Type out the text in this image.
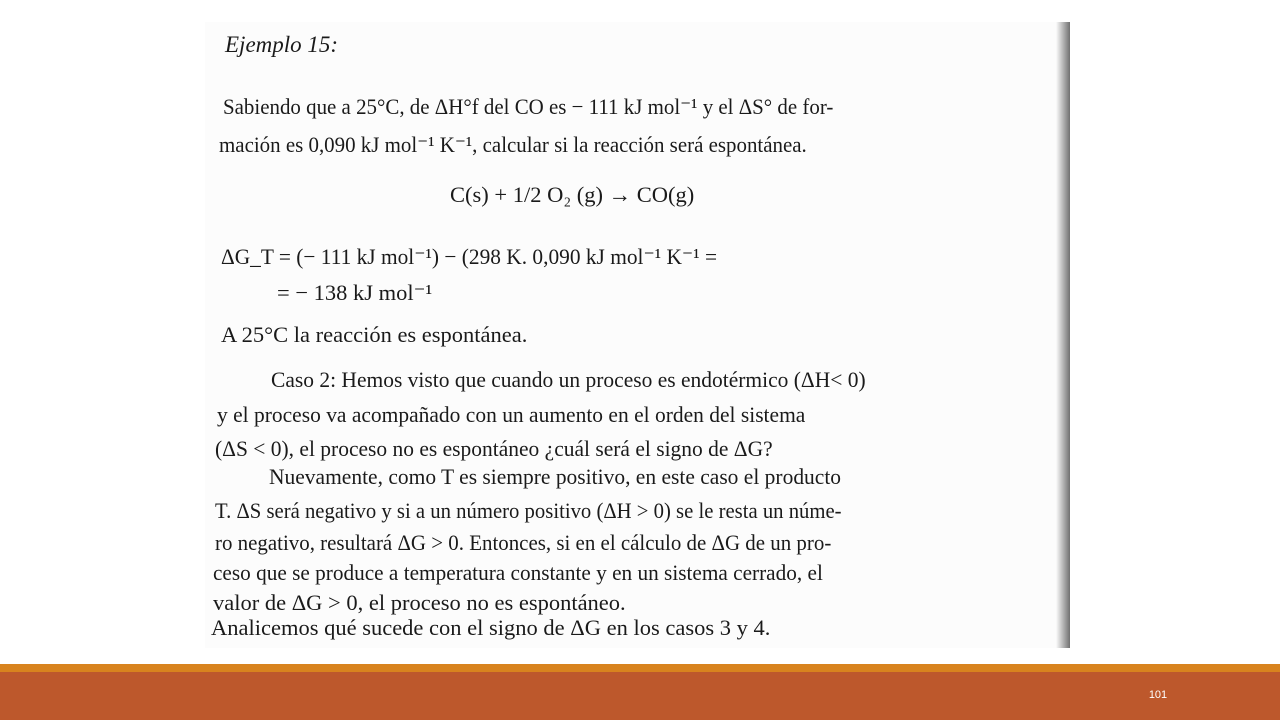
Ejemplo 15:
Sabiendo que a 25°C, de ΔH°f del CO es − 111 kJ mol⁻¹ y el ΔS° de for-
mación es 0,090 kJ mol⁻¹ K⁻¹, calcular si la reacción será espontánea.
C(s) + 1/2 O₂ (g) → CO(g)
ΔG_T = (− 111 kJ mol⁻¹) − (298 K. 0,090 kJ mol⁻¹ K⁻¹ =
= − 138 kJ mol⁻¹
A 25°C la reacción es espontánea.
Caso 2: Hemos visto que cuando un proceso es endotérmico (ΔH< 0)
y el proceso va acompañado con un aumento en el orden del sistema
(ΔS < 0), el proceso no es espontáneo ¿cuál será el signo de ΔG?
Nuevamente, como T es siempre positivo, en este caso el producto
T. ΔS será negativo y si a un número positivo (ΔH > 0) se le resta un núme-
ro negativo, resultará ΔG > 0. Entonces, si en el cálculo de ΔG de un pro-
ceso que se produce a temperatura constante y en un sistema cerrado, el
valor de ΔG > 0, el proceso no es espontáneo.
Analicemos qué sucede con el signo de ΔG en los casos 3 y 4.
101
